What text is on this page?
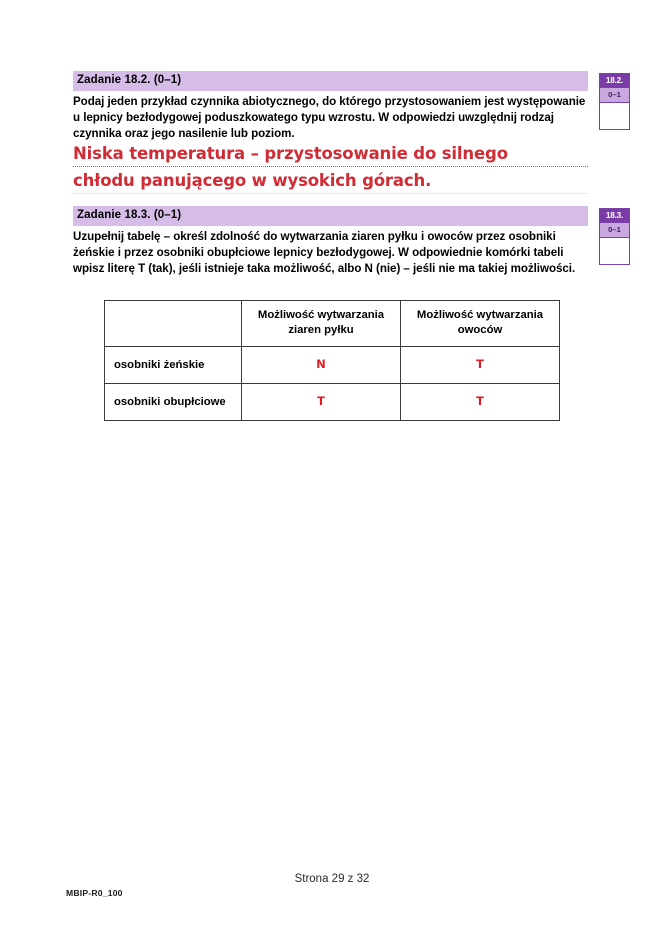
Zadanie 18.2. (0–1)
Podaj jeden przykład czynnika abiotycznego, do którego przystosowaniem jest występowanie u lepnicy bezłodygowej poduszkowatego typu wzrostu. W odpowiedzi uwzględnij rodzaj czynnika oraz jego nasilenie lub poziom.
Niska temperatura – przystosowanie do silnego
chłodu panującego w wysokich górach.
Zadanie 18.3. (0–1)
Uzupełnij tabelę – określ zdolność do wytwarzania ziaren pyłku i owoców przez osobniki żeńskie i przez osobniki obupłciowe lepnicy bezłodygowej. W odpowiednie komórki tabeli wpisz literę T (tak), jeśli istnieje taka możliwość, albo N (nie) – jeśli nie ma takiej możliwości.
	Możliwość wytwarzania ziaren pyłku	Możliwość wytwarzania owoców
osobniki żeńskie	N	T
osobniki obupłciowe	T	T
18.2.
0–1
18.3.
0–1
Strona 29 z 32
MBIP-R0_100
